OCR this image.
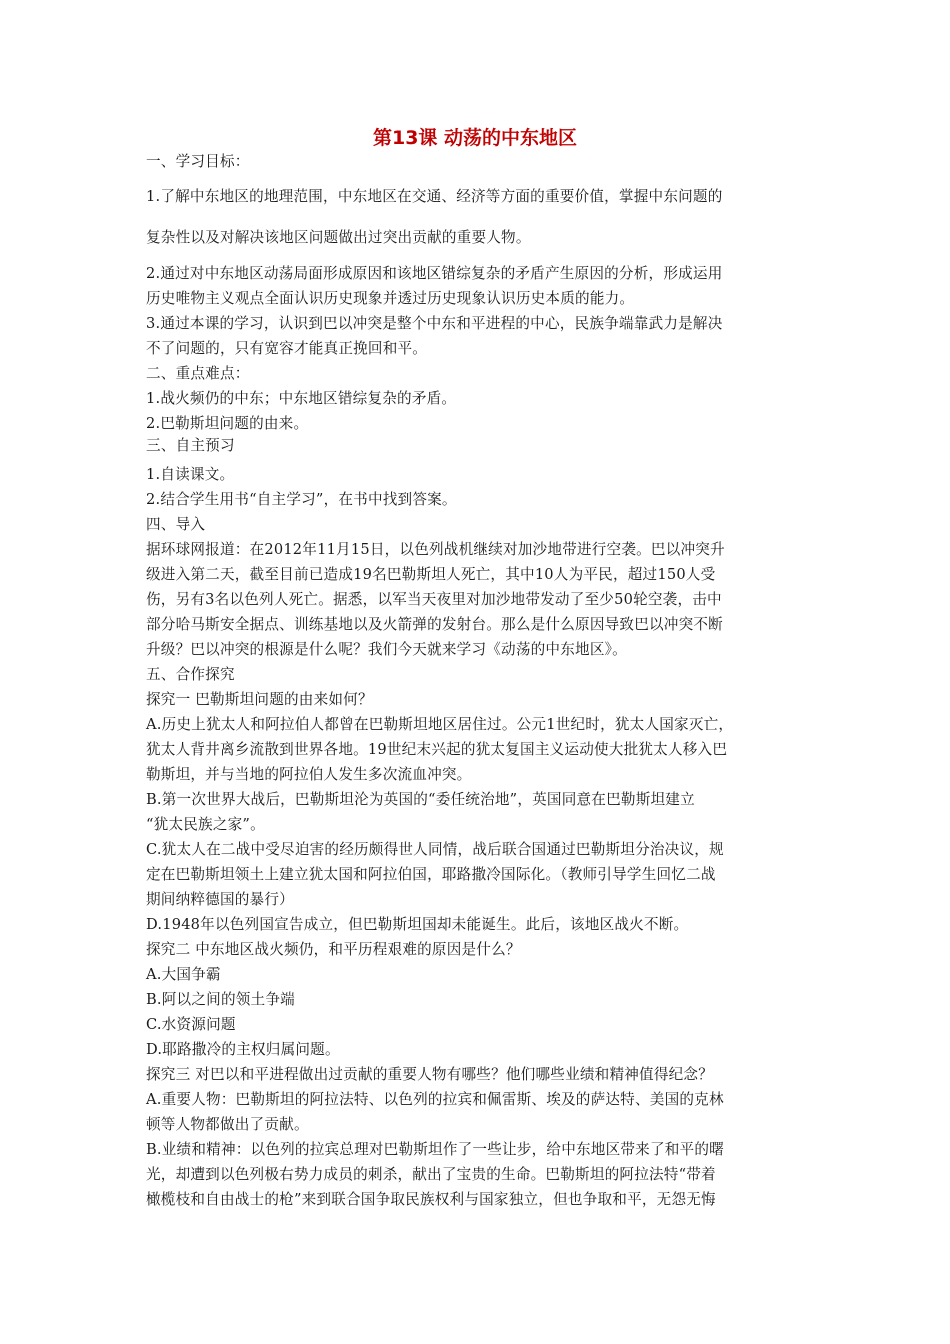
第13课 动荡的中东地区
一、学习目标：
1.了解中东地区的地理范围，中东地区在交通、经济等方面的重要价值，掌握中东问题的
复杂性以及对解决该地区问题做出过突出贡献的重要人物。
2.通过对中东地区动荡局面形成原因和该地区错综复杂的矛盾产生原因的分析，形成运用
历史唯物主义观点全面认识历史现象并透过历史现象认识历史本质的能力。
3.通过本课的学习，认识到巴以冲突是整个中东和平进程的中心，民族争端靠武力是解决
不了问题的，只有宽容才能真正挽回和平。
二、重点难点：
1.战火频仍的中东；中东地区错综复杂的矛盾。
2.巴勒斯坦问题的由来。
三、自主预习
1.自读课文。
2.结合学生用书“自主学习”，在书中找到答案。
四、导入
据环球网报道：在2012年11月15日，以色列战机继续对加沙地带进行空袭。巴以冲突升
级进入第二天，截至目前已造成19名巴勒斯坦人死亡，其中10人为平民，超过150人受
伤，另有3名以色列人死亡。据悉，以军当天夜里对加沙地带发动了至少50轮空袭，击中
部分哈马斯安全据点、训练基地以及火箭弹的发射台。那么是什么原因导致巴以冲突不断
升级？巴以冲突的根源是什么呢？我们今天就来学习《动荡的中东地区》。
五、合作探究
探究一 巴勒斯坦问题的由来如何？
A.历史上犹太人和阿拉伯人都曾在巴勒斯坦地区居住过。公元1世纪时，犹太人国家灭亡，
犹太人背井离乡流散到世界各地。19世纪末兴起的犹太复国主义运动使大批犹太人移入巴
勒斯坦，并与当地的阿拉伯人发生多次流血冲突。
B.第一次世界大战后，巴勒斯坦沦为英国的“委任统治地”，英国同意在巴勒斯坦建立
“犹太民族之家”。
C.犹太人在二战中受尽迫害的经历颇得世人同情，战后联合国通过巴勒斯坦分治决议，规
定在巴勒斯坦领土上建立犹太国和阿拉伯国，耶路撒冷国际化。（教师引导学生回忆二战
期间纳粹德国的暴行）
D.1948年以色列国宣告成立，但巴勒斯坦国却未能诞生。此后，该地区战火不断。
探究二 中东地区战火频仍，和平历程艰难的原因是什么？
A.大国争霸
B.阿以之间的领土争端
C.水资源问题
D.耶路撒冷的主权归属问题。
探究三 对巴以和平进程做出过贡献的重要人物有哪些？他们哪些业绩和精神值得纪念？
A.重要人物：巴勒斯坦的阿拉法特、以色列的拉宾和佩雷斯、埃及的萨达特、美国的克林
顿等人物都做出了贡献。
B.业绩和精神：以色列的拉宾总理对巴勒斯坦作了一些让步，给中东地区带来了和平的曙
光，却遭到以色列极右势力成员的刺杀，献出了宝贵的生命。巴勒斯坦的阿拉法特“带着
橄榄枝和自由战士的枪”来到联合国争取民族权利与国家独立，但也争取和平，无怨无悔
